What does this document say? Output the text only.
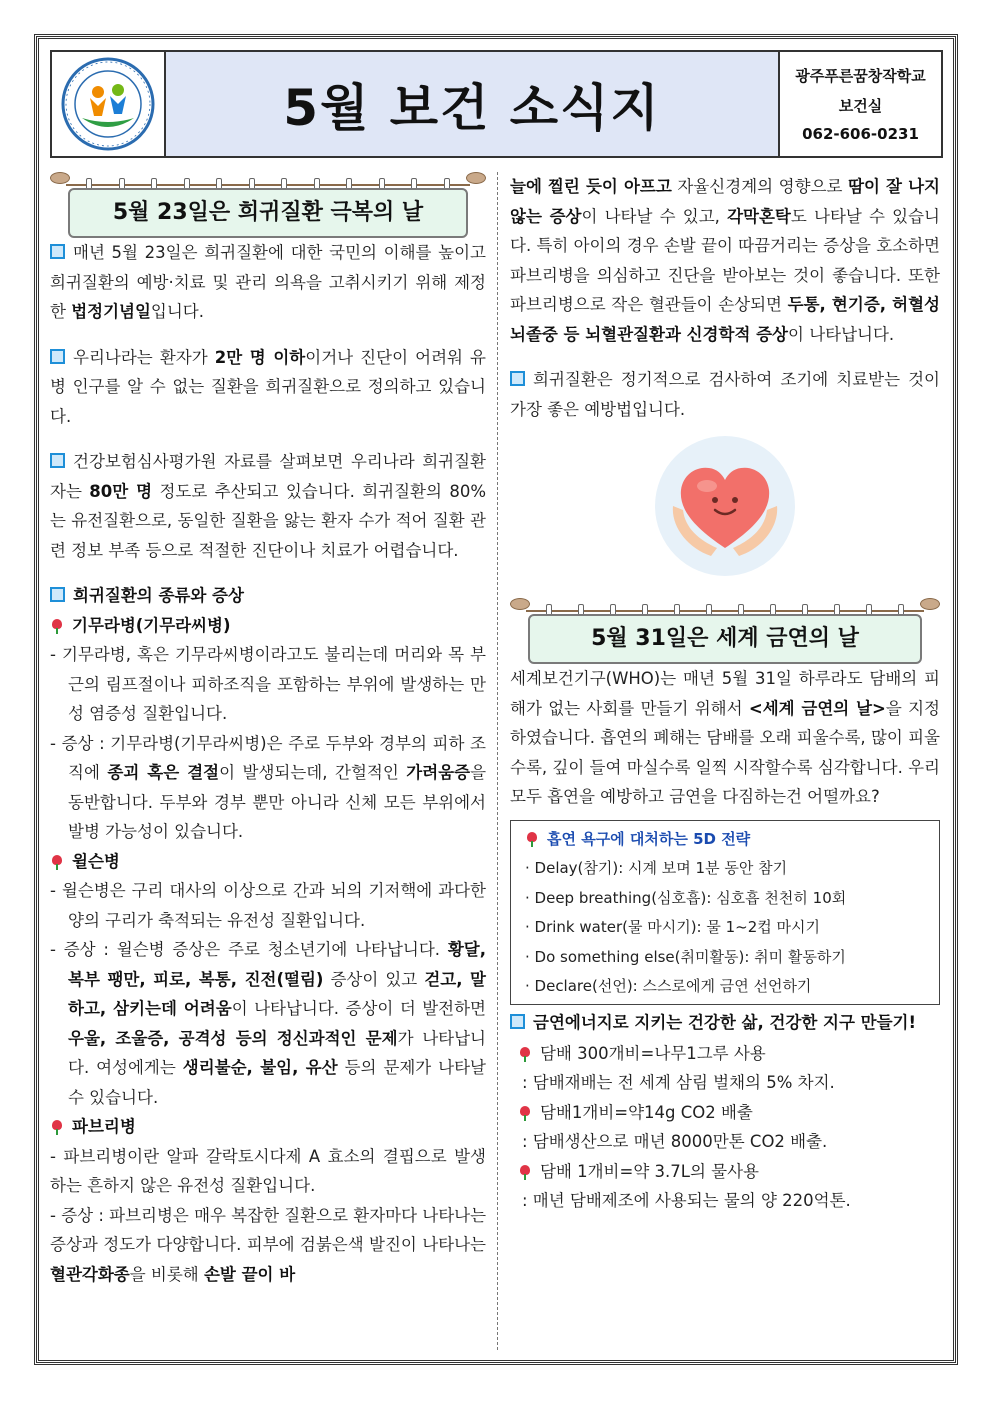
5월 보건 소식지
광주푸른꿈창작학교
보건실
062-606-0231
5월 23일은 희귀질환 극복의 날

매년 5월 23일은 희귀질환에 대한 국민의 이해를 높이고 희귀질환의 예방·치료 및 관리 의욕을 고취시키기 위해 제정한 법정기념일입니다.

우리나라는 환자가 2만 명 이하이거나 진단이 어려워 유병 인구를 알 수 없는 질환을 희귀질환으로 정의하고 있습니다.

건강보험심사평가원 자료를 살펴보면 우리나라 희귀질환자는 80만 명 정도로 추산되고 있습니다. 희귀질환의 80%는 유전질환으로, 동일한 질환을 앓는 환자 수가 적어 질환 관련 정보 부족 등으로 적절한 진단이나 치료가 어렵습니다.

희귀질환의 종류와 증상

기무라병(기무라씨병)

- 기무라병, 혹은 기무라씨병이라고도 불리는데 머리와 목 부근의 림프절이나 피하조직을 포함하는 부위에 발생하는 만성 염증성 질환입니다.

- 증상 : 기무라병(기무라씨병)은 주로 두부와 경부의 피하 조직에 종괴 혹은 결절이 발생되는데, 간헐적인 가려움증을 동반합니다. 두부와 경부 뿐만 아니라 신체 모든 부위에서 발병 가능성이 있습니다.

윌슨병

- 윌슨병은 구리 대사의 이상으로 간과 뇌의 기저핵에 과다한 양의 구리가 축적되는 유전성 질환입니다.

- 증상 : 윌슨병 증상은 주로 청소년기에 나타납니다. 황달, 복부 팽만, 피로, 복통, 진전(떨림) 증상이 있고 걷고, 말하고, 삼키는데 어려움이 나타납니다. 증상이 더 발전하면 우울, 조울증, 공격성 등의 정신과적인 문제가 나타납니다. 여성에게는 생리불순, 불임, 유산 등의 문제가 나타날 수 있습니다.

파브리병

- 파브리병이란 알파 갈락토시다제 A 효소의 결핍으로 발생하는 흔하지 않은 유전성 질환입니다.

- 증상 : 파브리병은 매우 복잡한 질환으로 환자마다 나타나는 증상과 정도가 다양합니다. 피부에 검붉은색 발진이 나타나는 혈관각화종을 비롯해 손발 끝이 바

늘에 찔린 듯이 아프고 자율신경계의 영향으로 땀이 잘 나지 않는 증상이 나타날 수 있고, 각막혼탁도 나타날 수 있습니다. 특히 아이의 경우 손발 끝이 따끔거리는 증상을 호소하면 파브리병을 의심하고 진단을 받아보는 것이 좋습니다. 또한 파브리병으로 작은 혈관들이 손상되면 두통, 현기증, 허혈성 뇌졸중 등 뇌혈관질환과 신경학적 증상이 나타납니다.

희귀질환은 정기적으로 검사하여 조기에 치료받는 것이 가장 좋은 예방법입니다.

5월 31일은 세계 금연의 날

세계보건기구(WHO)는 매년 5월 31일 하루라도 담배의 피해가 없는 사회를 만들기 위해서 <세계 금연의 날>을 지정하였습니다. 흡연의 폐해는 담배를 오래 피울수록, 많이 피울수록, 깊이 들여 마실수록 일찍 시작할수록 심각합니다. 우리 모두 흡연을 예방하고 금연을 다짐하는건 어떨까요?

흡연 욕구에 대처하는 5D 전략
· Delay(참기): 시계 보며 1분 동안 참기
· Deep breathing(심호흡): 심호흡 천천히 10회
· Drink water(물 마시기): 물 1~2컵 마시기
· Do something else(취미활동): 취미 활동하기
· Declare(선언): 스스로에게 금연 선언하기

금연에너지로 지키는 건강한 삶, 건강한 지구 만들기!

담배 300개비=나무1그루 사용

: 담배재배는 전 세계 삼림 벌채의 5% 차지.

담배1개비=약14g CO2 배출

: 담배생산으로 매년 8000만톤 CO2 배출.

담배 1개비=약 3.7L의 물사용

: 매년 담배제조에 사용되는 물의 양 220억톤.
